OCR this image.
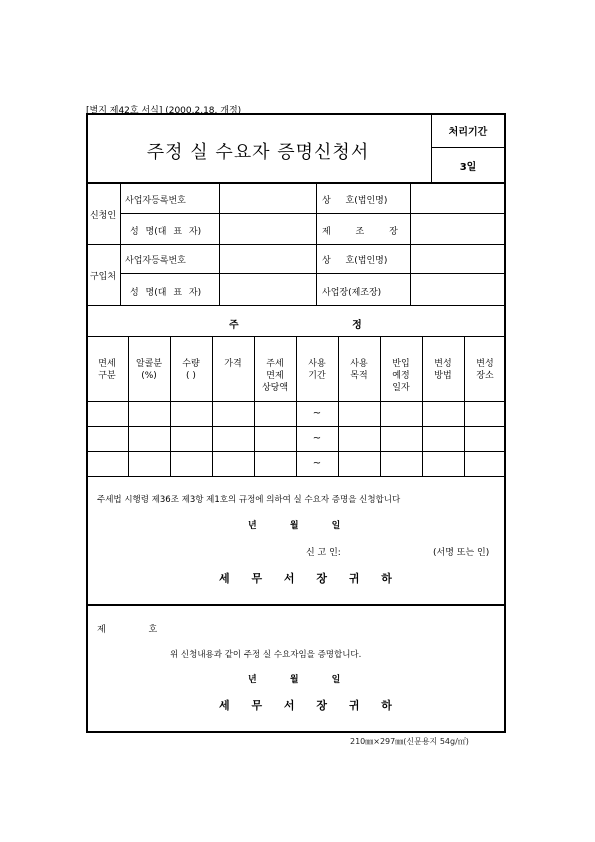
[별지 제42호 서식] (2000.2.18. 개정)
주정 실 수요자 증명신청서
처리기간
3일
신청인
사업자등록번호
성 명(대 표 자)
상 호(법인명)
제 조 장
구입처
사업자등록번호
성 명(대 표 자)
상 호(법인명)
사업장(제조장)
주 정
면세
구분
알콜분
(%)
수량
( )
가격	주세
면제
상당액
사용
기간
사용
목적
반입
예정
일자
변성
방법
변성
장소
~
~
~
주세법 시행령 제36조 제3항 제1호의 규정에 의하여 실 수요자 증명을 신청합니다
년 월 일
신 고 인:	(서명 또는 인)
세 무 서 장 귀 하
제 호
위 신청내용과 같이 주정 실 수요자임을 증명합니다.
년 월 일
세 무 서 장 귀 하
210㎜×297㎜(신문용지 54g/㎡)
